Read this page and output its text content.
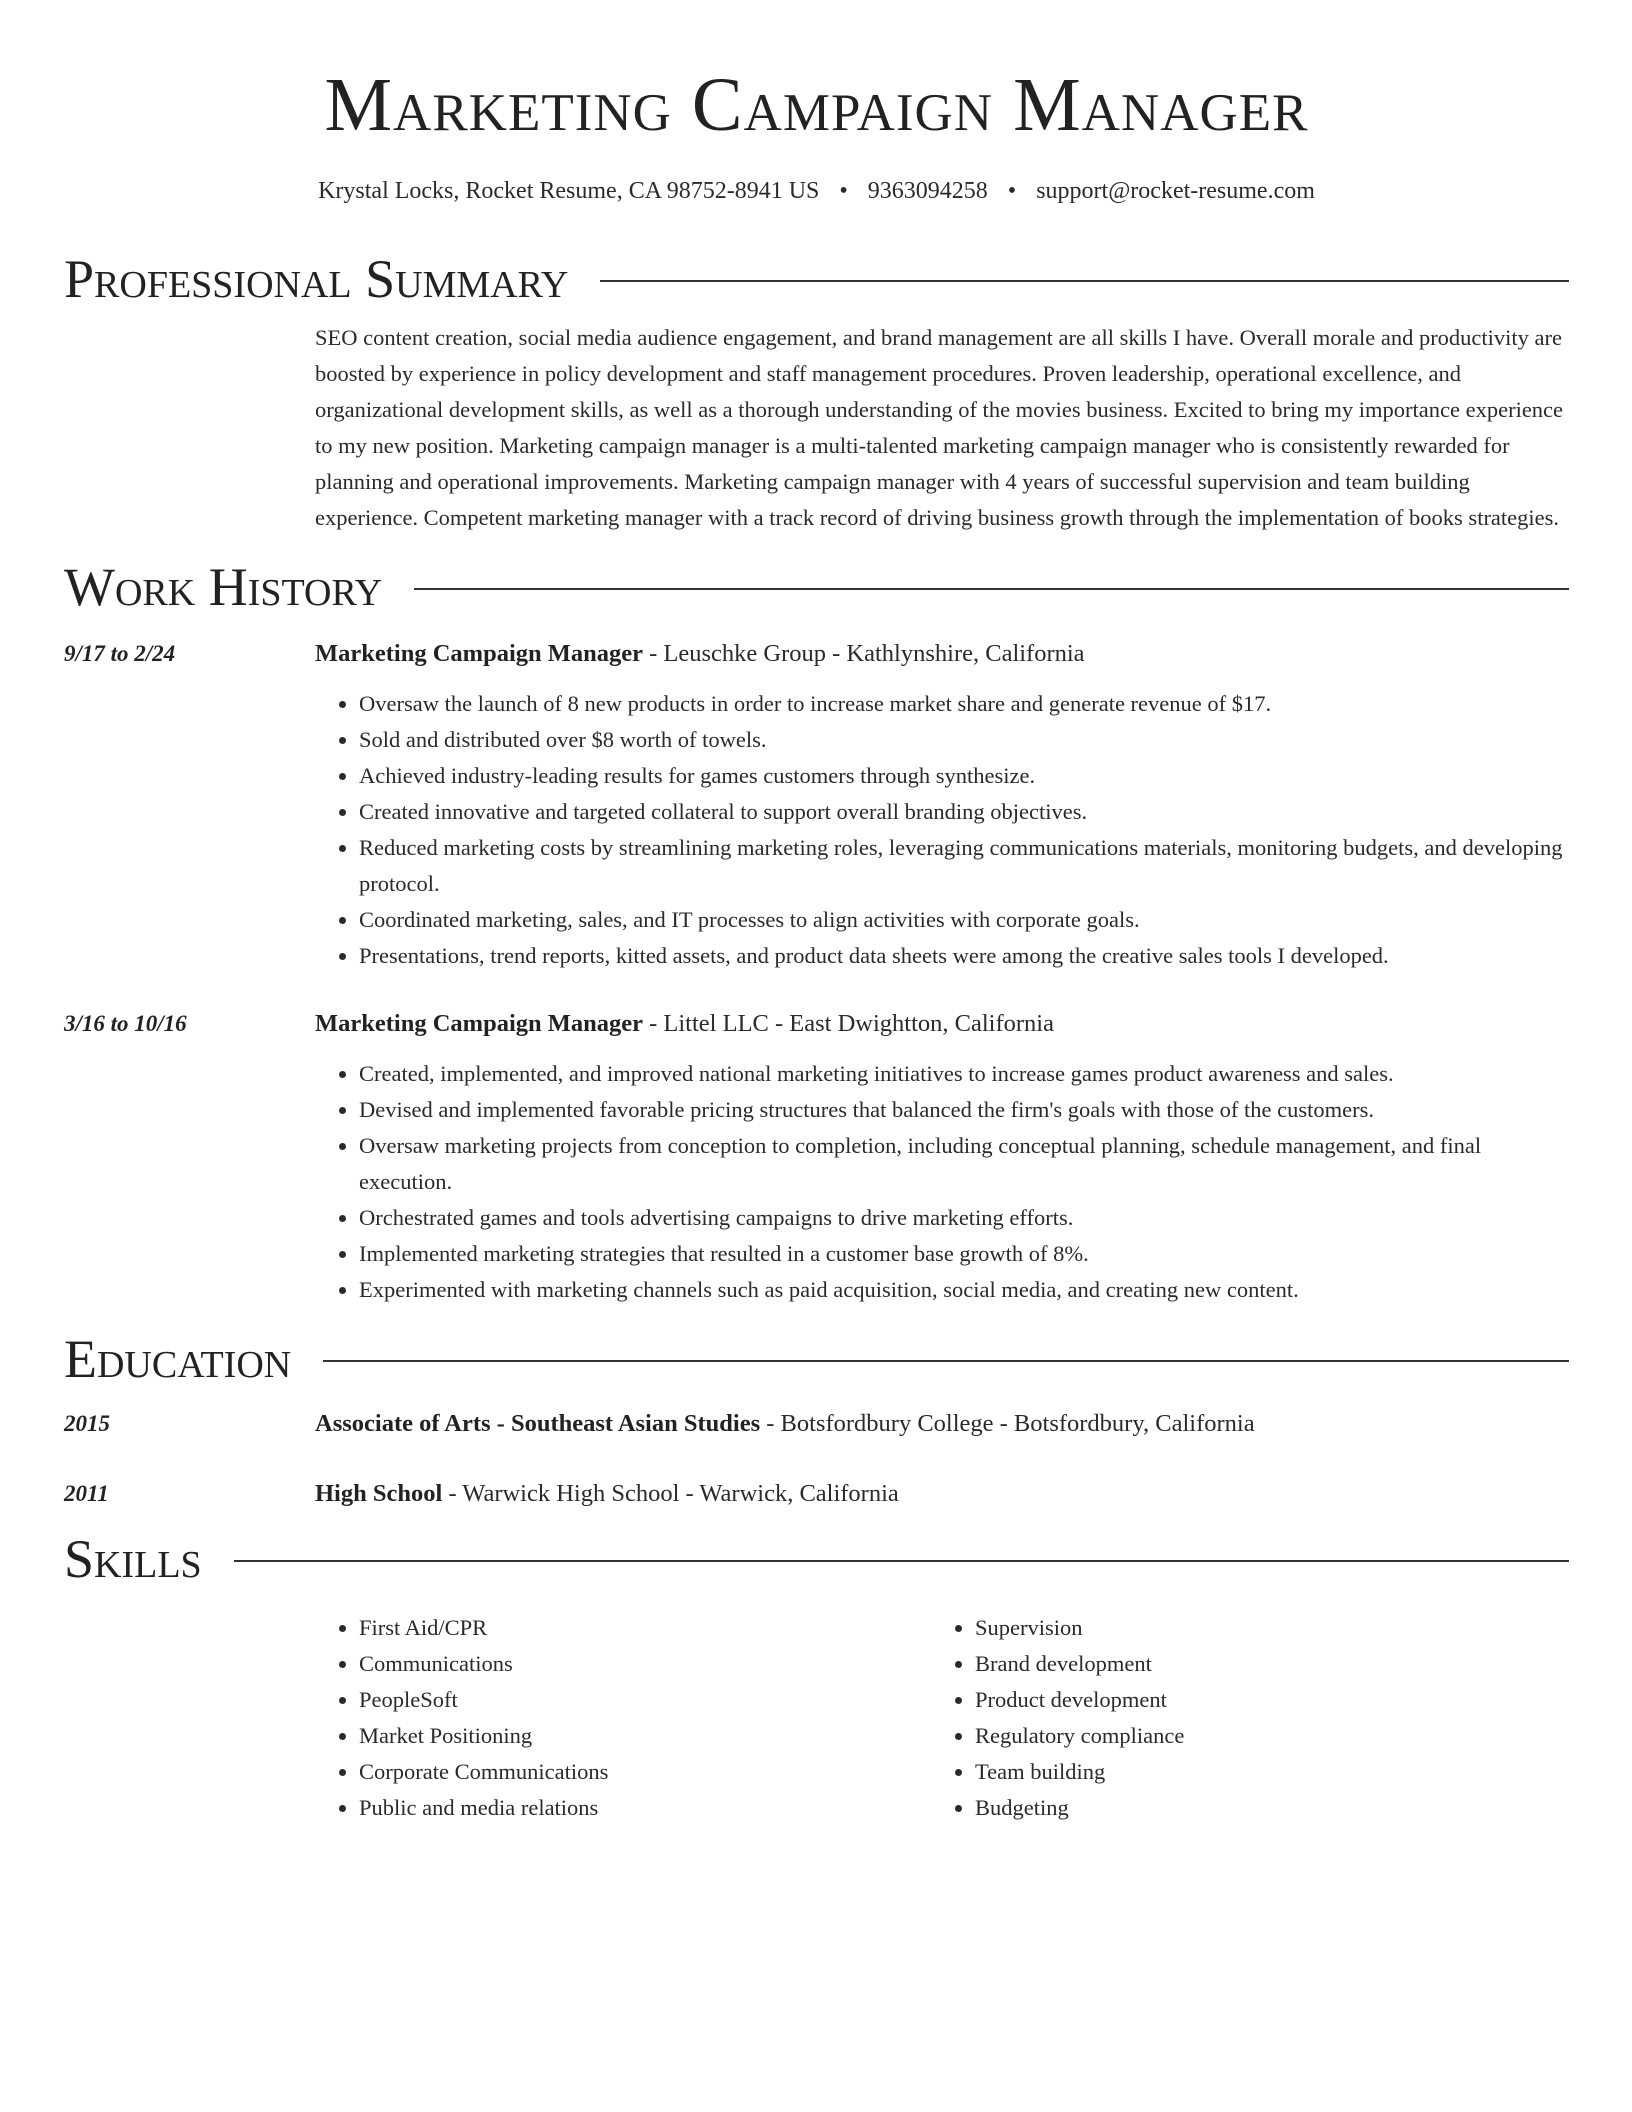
Marketing Campaign Manager
Krystal Locks, Rocket Resume, CA 98752-8941 US • 9363094258 • support@rocket-resume.com
Professional Summary
SEO content creation, social media audience engagement, and brand management are all skills I have. Overall morale and productivity are boosted by experience in policy development and staff management procedures. Proven leadership, operational excellence, and organizational development skills, as well as a thorough understanding of the movies business. Excited to bring my importance experience to my new position. Marketing campaign manager is a multi-talented marketing campaign manager who is consistently rewarded for planning and operational improvements. Marketing campaign manager with 4 years of successful supervision and team building experience. Competent marketing manager with a track record of driving business growth through the implementation of books strategies.
Work History
9/17 to 2/24	Marketing Campaign Manager - Leuschke Group - Kathlynshire, California
• Oversaw the launch of 8 new products in order to increase market share and generate revenue of $17.
• Sold and distributed over $8 worth of towels.
• Achieved industry-leading results for games customers through synthesize.
• Created innovative and targeted collateral to support overall branding objectives.
• Reduced marketing costs by streamlining marketing roles, leveraging communications materials, monitoring budgets, and developing protocol.
• Coordinated marketing, sales, and IT processes to align activities with corporate goals.
• Presentations, trend reports, kitted assets, and product data sheets were among the creative sales tools I developed.
3/16 to 10/16	Marketing Campaign Manager - Littel LLC - East Dwightton, California
• Created, implemented, and improved national marketing initiatives to increase games product awareness and sales.
• Devised and implemented favorable pricing structures that balanced the firm's goals with those of the customers.
• Oversaw marketing projects from conception to completion, including conceptual planning, schedule management, and final execution.
• Orchestrated games and tools advertising campaigns to drive marketing efforts.
• Implemented marketing strategies that resulted in a customer base growth of 8%.
• Experimented with marketing channels such as paid acquisition, social media, and creating new content.
Education
2015	Associate of Arts - Southeast Asian Studies - Botsfordbury College - Botsfordbury, California
2011	High School - Warwick High School - Warwick, California
Skills
• First Aid/CPR
• Communications
• PeopleSoft
• Market Positioning
• Corporate Communications
• Public and media relations
• Supervision
• Brand development
• Product development
• Regulatory compliance
• Team building
• Budgeting
